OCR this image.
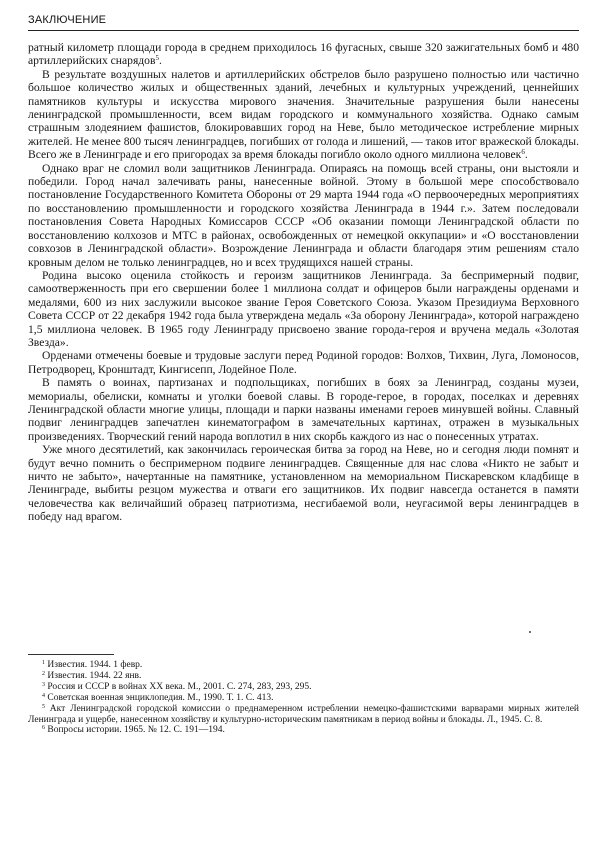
ЗАКЛЮЧЕНИЕ

ратный километр площади города в среднем приходилось 16 фугасных, свыше 320 зажигательных бомб и 480 артиллерийских снарядов$^5$.

В результате воздушных налетов и артиллерийских обстрелов было разрушено полностью или частично большое количество жилых и общественных зданий, лечебных и культурных учреждений, ценнейших памятников культуры и искусства мирового значения. Значительные разрушения были нанесены ленинградской промышленности, всем видам городского и коммунального хозяйства. Однако самым страшным злодеянием фашистов, блокировавших город на Неве, было методическое истребление мирных жителей. Не менее 800 тысяч ленинградцев, погибших от голода и лишений, — таков итог вражеской блокады. Всего же в Ленинграде и его пригородах за время блокады погибло около одного миллиона человек$^6$.

Однако враг не сломил воли защитников Ленинграда. Опираясь на помощь всей страны, они выстояли и победили. Город начал залечивать раны, нанесенные войной. Этому в большой мере способствовало постановление Государственного Комитета Обороны от 29 марта 1944 года «О первоочередных мероприятиях по восстановлению промышленности и городского хозяйства Ленинграда в 1944 г.». Затем последовали постановления Совета Народных Комиссаров СССР «Об оказании помощи Ленинградской области по восстановлению колхозов и МТС в районах, освобожденных от немецкой оккупации» и «О восстановлении совхозов в Ленинградской области». Возрождение Ленинграда и области благодаря этим решениям стало кровным делом не только ленинградцев, но и всех трудящихся нашей страны.

Родина высоко оценила стойкость и героизм защитников Ленинграда. За беспримерный подвиг, самоотверженность при его свершении более 1 миллиона солдат и офицеров были награждены орденами и медалями, 600 из них заслужили высокое звание Героя Советского Союза. Указом Президиума Верховного Совета СССР от 22 декабря 1942 года была утверждена медаль «За оборону Ленинграда», которой награждено 1,5 миллиона человек. В 1965 году Ленинграду присвоено звание города-героя и вручена медаль «Золотая Звезда».

Орденами отмечены боевые и трудовые заслуги перед Родиной городов: Волхов, Тихвин, Луга, Ломоносов, Петродворец, Кронштадт, Кингисепп, Лодейное Поле.

В память о воинах, партизанах и подпольщиках, погибших в боях за Ленинград, созданы музеи, мемориалы, обелиски, комнаты и уголки боевой славы. В городе-герое, в городах, поселках и деревнях Ленинградской области многие улицы, площади и парки названы именами героев минувшей войны. Славный подвиг ленинградцев запечатлен кинематографом в замечательных картинах, отражен в музыкальных произведениях. Творческий гений народа воплотил в них скорбь каждого из нас о понесенных утратах.

Уже много десятилетий, как закончилась героическая битва за город на Неве, но и сегодня люди помнят и будут вечно помнить о беспримерном подвиге ленинградцев. Священные для нас слова «Никто не забыт и ничто не забыто», начертанные на памятнике, установленном на мемориальном Пискаревском кладбище в Ленинграде, выбиты резцом мужества и отваги его защитников. Их подвиг навсегда останется в памяти человечества как величайший образец патриотизма, несгибаемой воли, неугасимой веры ленинградцев в победу над врагом.

$^1$ Известия. 1944. 1 февр.

$^2$ Известия. 1944. 22 янв.

$^3$ Россия и СССР в войнах XX века. М., 2001. С. 274, 283, 293, 295.

$^4$ Советская военная энциклопедия. М., 1990. Т. 1. С. 413.

$^5$ Акт Ленинградской городской комиссии о преднамеренном истреблении немецко-фашистскими варварами мирных жителей Ленинграда и ущербе, нанесенном хозяйству и культурно-историческим памятникам в период войны и блокады. Л., 1945. С. 8.

$^6$ Вопросы истории. 1965. № 12. С. 191—194.
